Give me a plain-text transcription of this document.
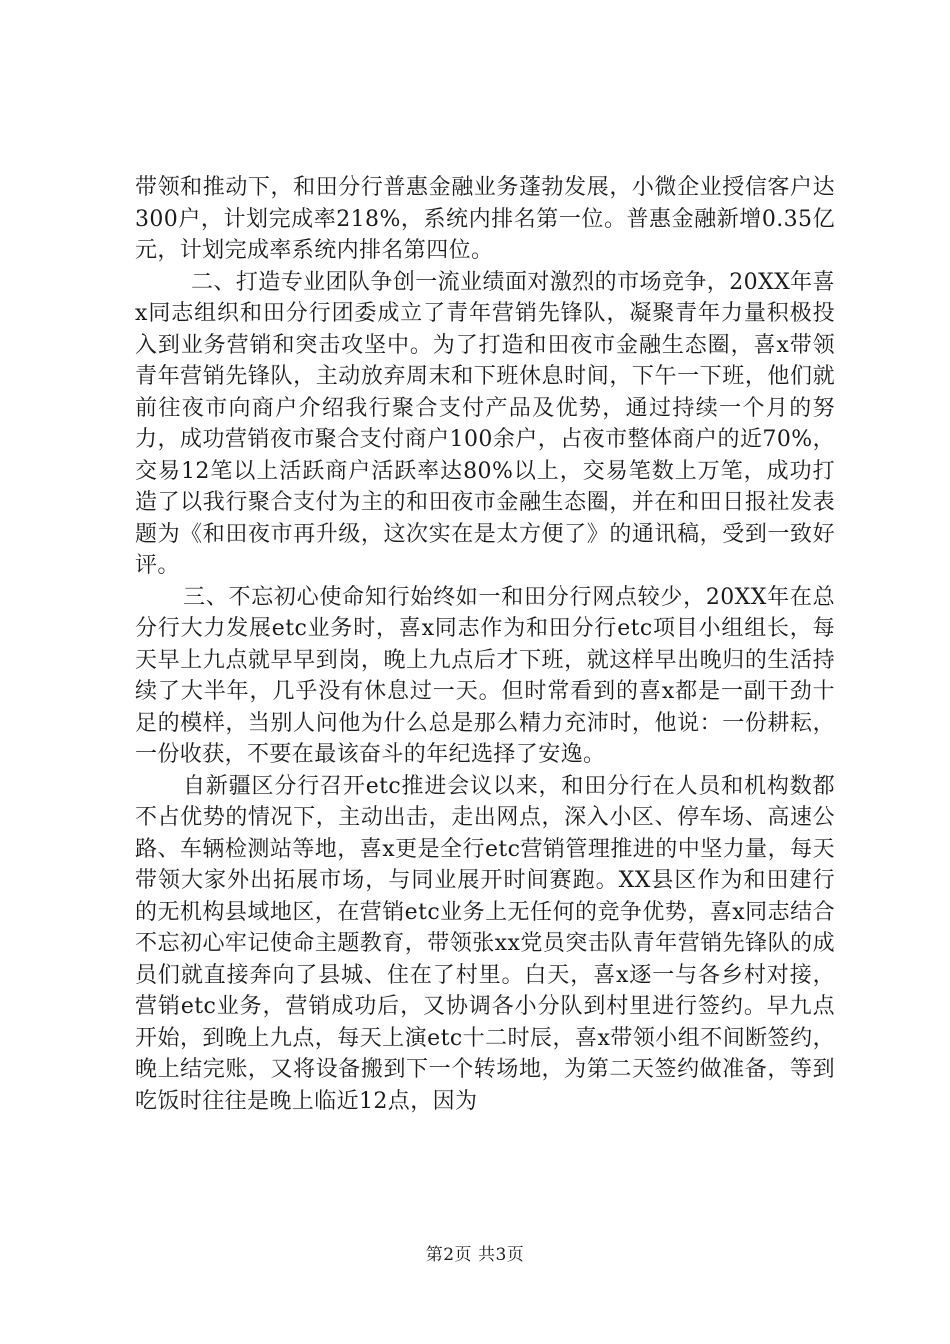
带领和推动下，和田分行普惠金融业务蓬勃发展，小微企业授信客户达300户，计划完成率218%，系统内排名第一位。普惠金融新增0.35亿元，计划完成率系统内排名第四位。

二、打造专业团队争创一流业绩面对激烈的市场竞争，20XX年喜x同志组织和田分行团委成立了青年营销先锋队，凝聚青年力量积极投入到业务营销和突击攻坚中。为了打造和田夜市金融生态圈，喜x带领青年营销先锋队，主动放弃周末和下班休息时间，下午一下班，他们就前往夜市向商户介绍我行聚合支付产品及优势，通过持续一个月的努力，成功营销夜市聚合支付商户100余户，占夜市整体商户的近70%，交易12笔以上活跃商户活跃率达80%以上，交易笔数上万笔，成功打造了以我行聚合支付为主的和田夜市金融生态圈，并在和田日报社发表题为《和田夜市再升级，这次实在是太方便了》的通讯稿，受到一致好评。

三、不忘初心使命知行始终如一和田分行网点较少，20XX年在总分行大力发展etc业务时，喜x同志作为和田分行etc项目小组组长，每天早上九点就早早到岗，晚上九点后才下班，就这样早出晚归的生活持续了大半年，几乎没有休息过一天。但时常看到的喜x都是一副干劲十足的模样，当别人问他为什么总是那么精力充沛时，他说：一份耕耘，一份收获，不要在最该奋斗的年纪选择了安逸。

自新疆区分行召开etc推进会议以来，和田分行在人员和机构数都不占优势的情况下，主动出击，走出网点，深入小区、停车场、高速公路、车辆检测站等地，喜x更是全行etc营销管理推进的中坚力量，每天带领大家外出拓展市场，与同业展开时间赛跑。XX县区作为和田建行的无机构县域地区，在营销etc业务上无任何的竞争优势，喜x同志结合不忘初心牢记使命主题教育，带领张xx党员突击队青年营销先锋队的成员们就直接奔向了县城、住在了村里。白天，喜x逐一与各乡村对接，营销etc业务，营销成功后，又协调各小分队到村里进行签约。早九点开始，到晚上九点，每天上演etc十二时辰，喜x带领小组不间断签约，晚上结完账，又将设备搬到下一个转场地，为第二天签约做准备，等到吃饭时往往是晚上临近12点，因为

第2页 共3页
